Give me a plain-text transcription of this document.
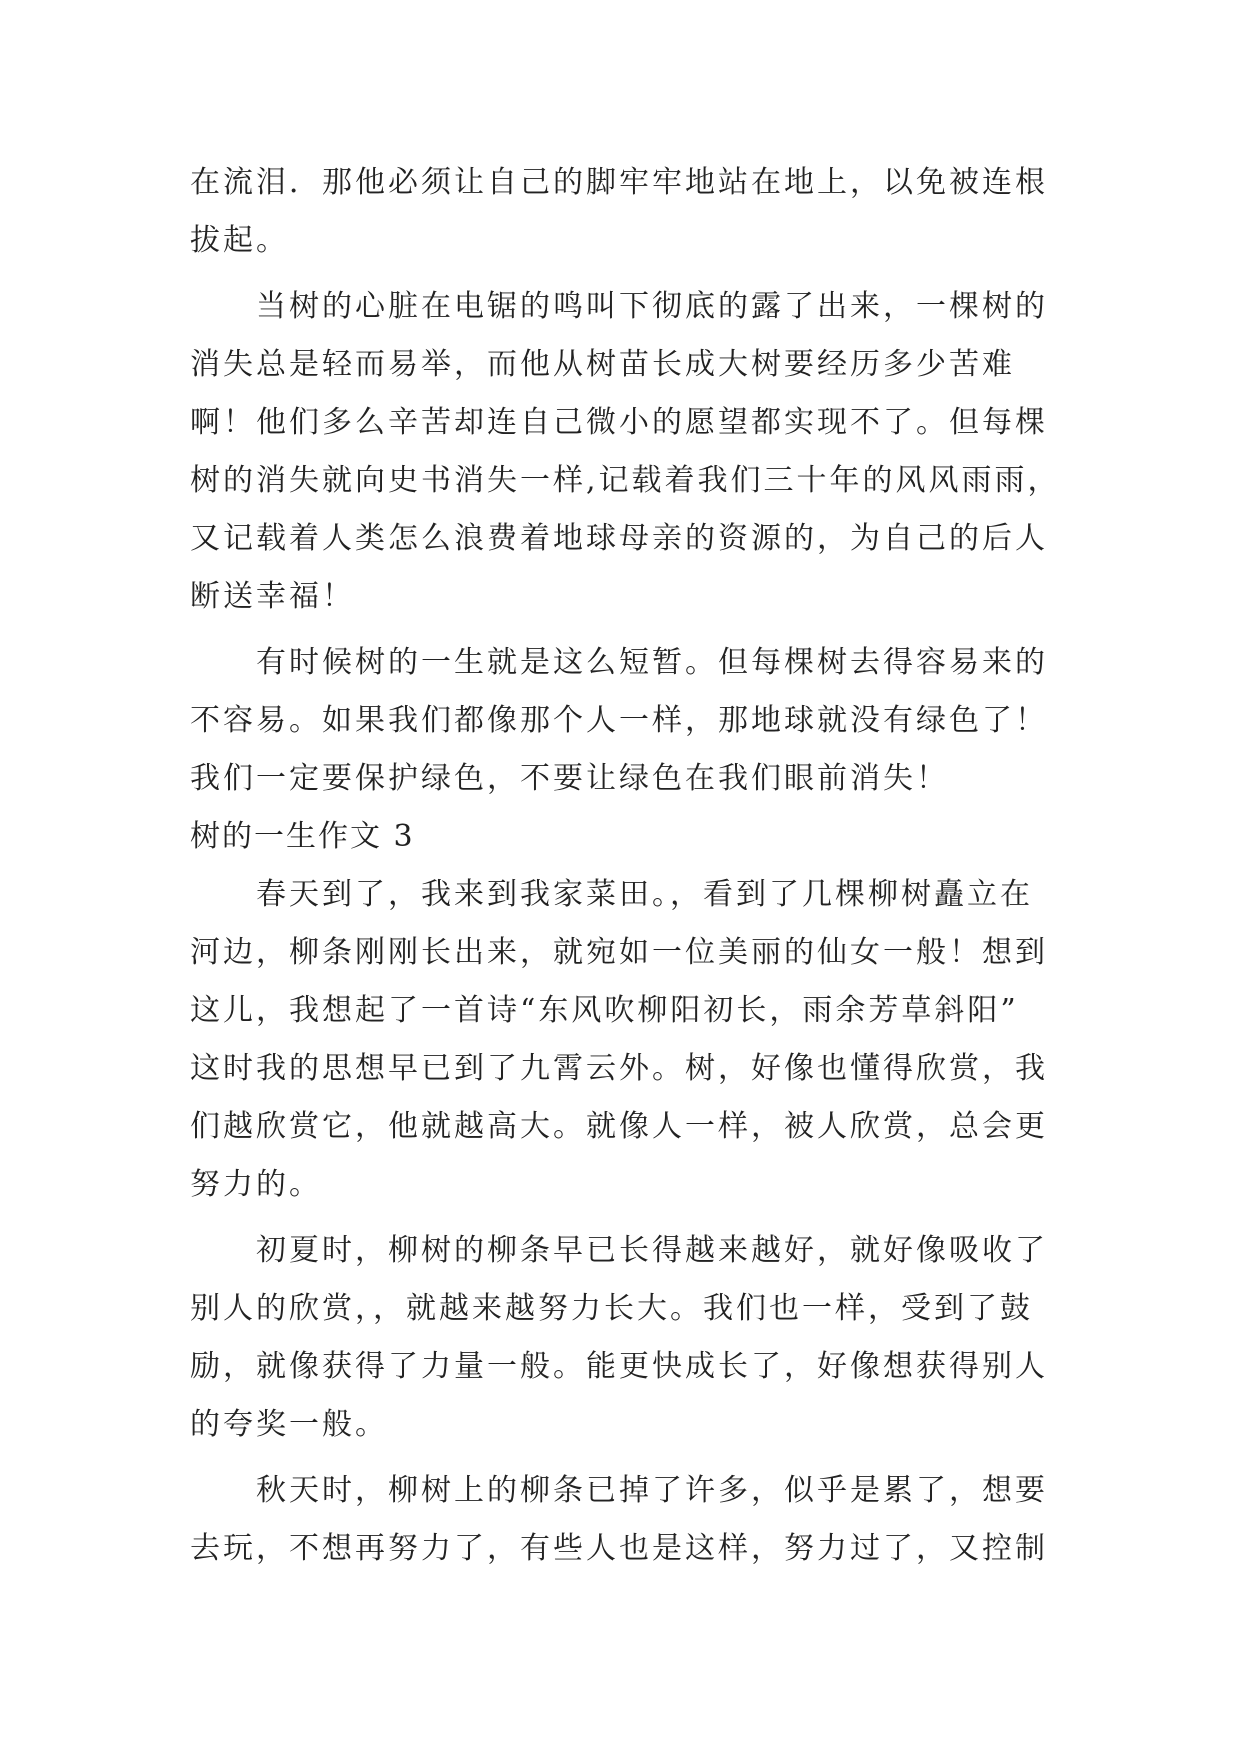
在流泪．那他必须让自己的脚牢牢地站在地上，以免被连根
拔起。
当树的心脏在电锯的鸣叫下彻底的露了出来，一棵树的
消失总是轻而易举，而他从树苗长成大树要经历多少苦难
啊！他们多么辛苦却连自己微小的愿望都实现不了。但每棵
树的消失就向史书消失一样,记载着我们三十年的风风雨雨，
又记载着人类怎么浪费着地球母亲的资源的，为自己的后人
断送幸福！
有时候树的一生就是这么短暂。但每棵树去得容易来的
不容易。如果我们都像那个人一样，那地球就没有绿色了！
我们一定要保护绿色，不要让绿色在我们眼前消失！
树的一生作文 3
春天到了，我来到我家菜田。，看到了几棵柳树矗立在
河边，柳条刚刚长出来，就宛如一位美丽的仙女一般！想到
这儿，我想起了一首诗“东风吹柳阳初长，雨余芳草斜阳”
这时我的思想早已到了九霄云外。树，好像也懂得欣赏，我
们越欣赏它，他就越高大。就像人一样，被人欣赏，总会更
努力的。
初夏时，柳树的柳条早已长得越来越好，就好像吸收了
别人的欣赏，，就越来越努力长大。我们也一样，受到了鼓
励，就像获得了力量一般。能更快成长了，好像想获得别人
的夸奖一般。
秋天时，柳树上的柳条已掉了许多，似乎是累了，想要
去玩，不想再努力了，有些人也是这样，努力过了，又控制
